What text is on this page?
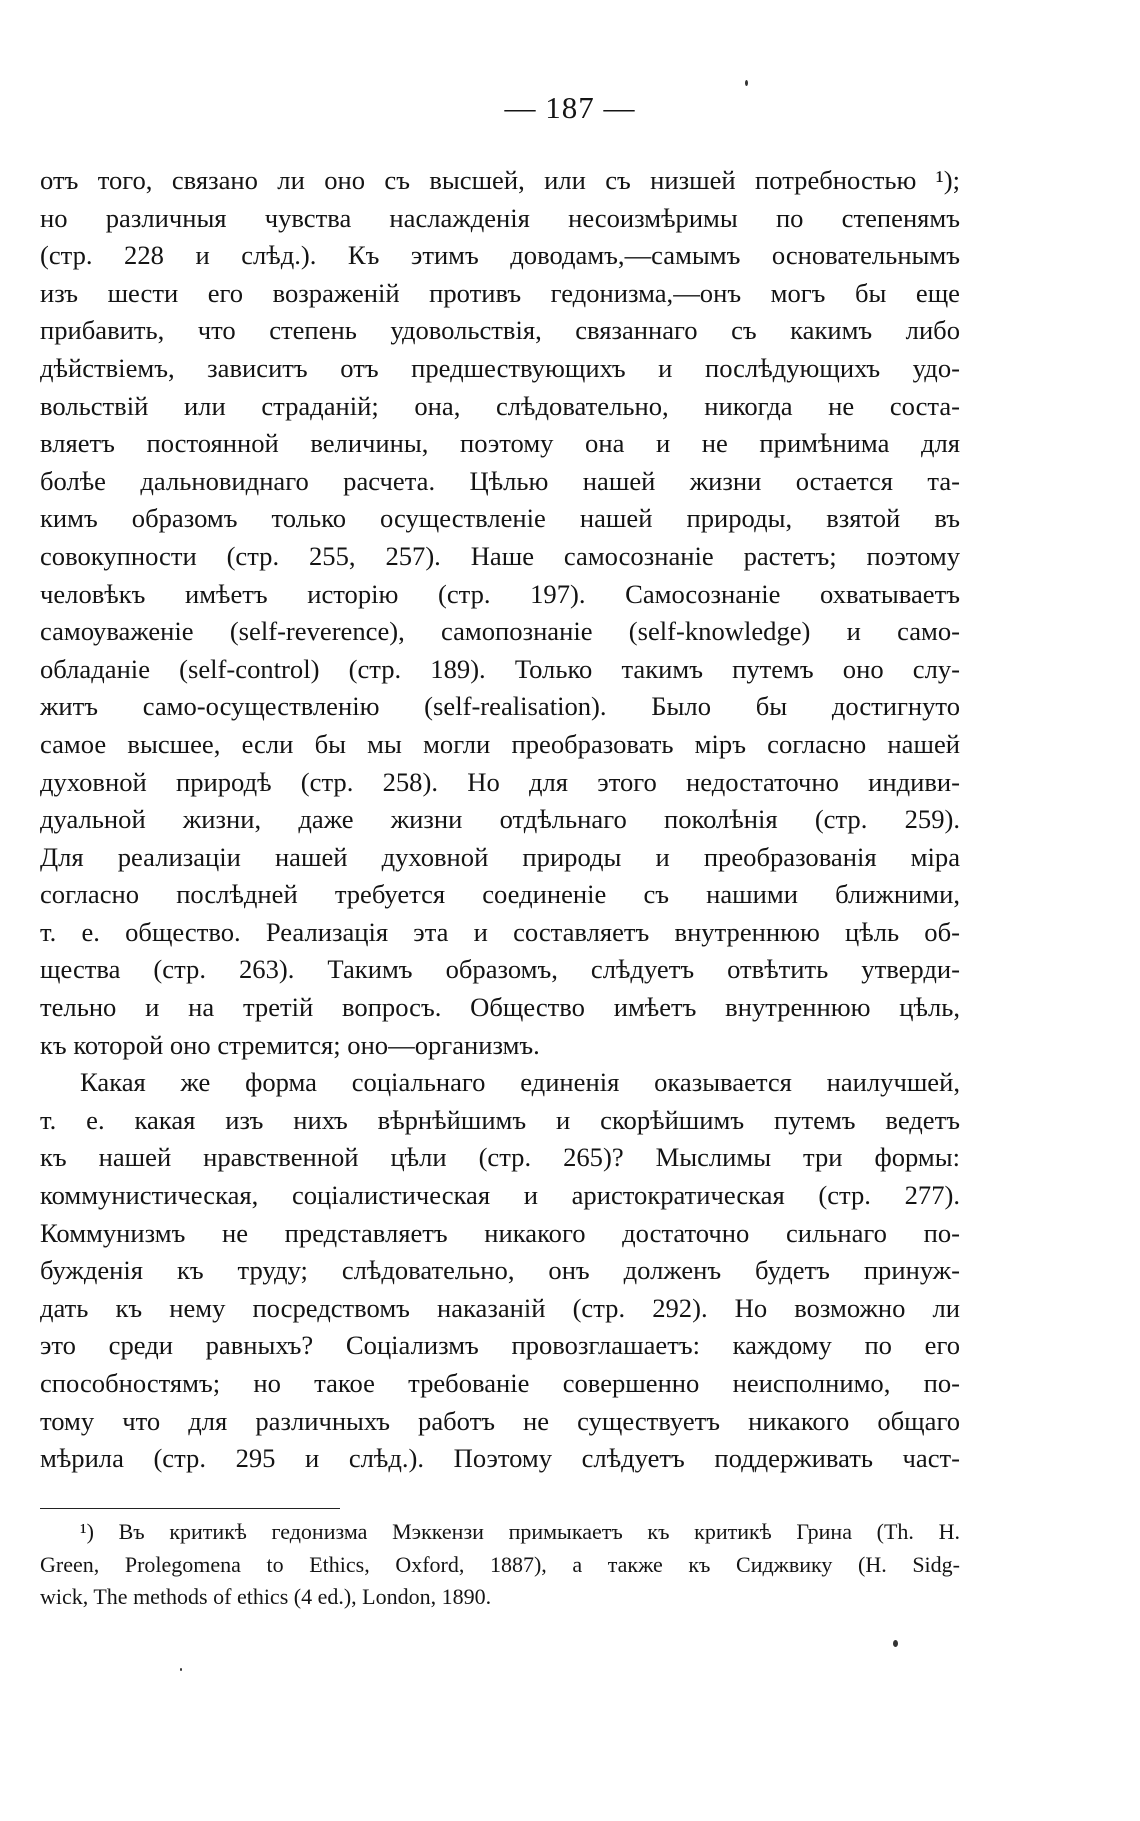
— 187 —
отъ того, связано ли оно съ высшей, или съ низшей потребностью ¹);
но различныя чувства наслажденія несоизмѣримы по степенямъ
(стр. 228 и слѣд.). Къ этимъ доводамъ,—самымъ основательнымъ
изъ шести его возраженій противъ гедонизма,—онъ могъ бы еще
прибавить, что степень удовольствія, связаннаго съ какимъ либо
дѣйствіемъ, зависитъ отъ предшествующихъ и послѣдующихъ удо-
вольствій или страданій; она, слѣдовательно, никогда не соста-
вляетъ постоянной величины, поэтому она и не примѣнима для
болѣе дальновиднаго расчета. Цѣлью нашей жизни остается та-
кимъ образомъ только осуществленіе нашей природы, взятой въ
совокупности (стр. 255, 257). Наше самосознаніе растетъ; поэтому
человѣкъ имѣетъ исторію (стр. 197). Самосознаніе охватываетъ
самоуваженіе (self-reverence), самопознаніе (self-knowledge) и само-
обладаніе (self-control) (стр. 189). Только такимъ путемъ оно слу-
житъ само-осуществленію (self-realisation). Было бы достигнуто
самое высшее, если бы мы могли преобразовать міръ согласно нашей
духовной природѣ (стр. 258). Но для этого недостаточно индиви-
дуальной жизни, даже жизни отдѣльнаго поколѣнія (стр. 259).
Для реализаціи нашей духовной природы и преобразованія міра
согласно послѣдней требуется соединеніе съ нашими ближними,
т. е. общество. Реализація эта и составляетъ внутреннюю цѣль об-
щества (стр. 263). Такимъ образомъ, слѣдуетъ отвѣтить утверди-
тельно и на третій вопросъ. Общество имѣетъ внутреннюю цѣль,
къ которой оно стремится; оно—организмъ.
Какая же форма соціальнаго единенія оказывается наилучшей,
т. е. какая изъ нихъ вѣрнѣйшимъ и скорѣйшимъ путемъ ведетъ
къ нашей нравственной цѣли (стр. 265)? Мыслимы три формы:
коммунистическая, соціалистическая и аристократическая (стр. 277).
Коммунизмъ не представляетъ никакого достаточно сильнаго по-
бужденія къ труду; слѣдовательно, онъ долженъ будетъ принуж-
дать къ нему посредствомъ наказаній (стр. 292). Но возможно ли
это среди равныхъ? Соціализмъ провозглашаетъ: каждому по его
способностямъ; но такое требованіе совершенно неисполнимо, по-
тому что для различныхъ работъ не существуетъ никакого общаго
мѣрила (стр. 295 и слѣд.). Поэтому слѣдуетъ поддерживать част-
¹) Въ критикѣ гедонизма Мэккензи примыкаетъ къ критикѣ Грина (Th. H.
Green, Prolegomena to Ethics, Oxford, 1887), а также къ Сиджвику (H. Sidg-
wick, The methods of ethics (4 ed.), London, 1890.
